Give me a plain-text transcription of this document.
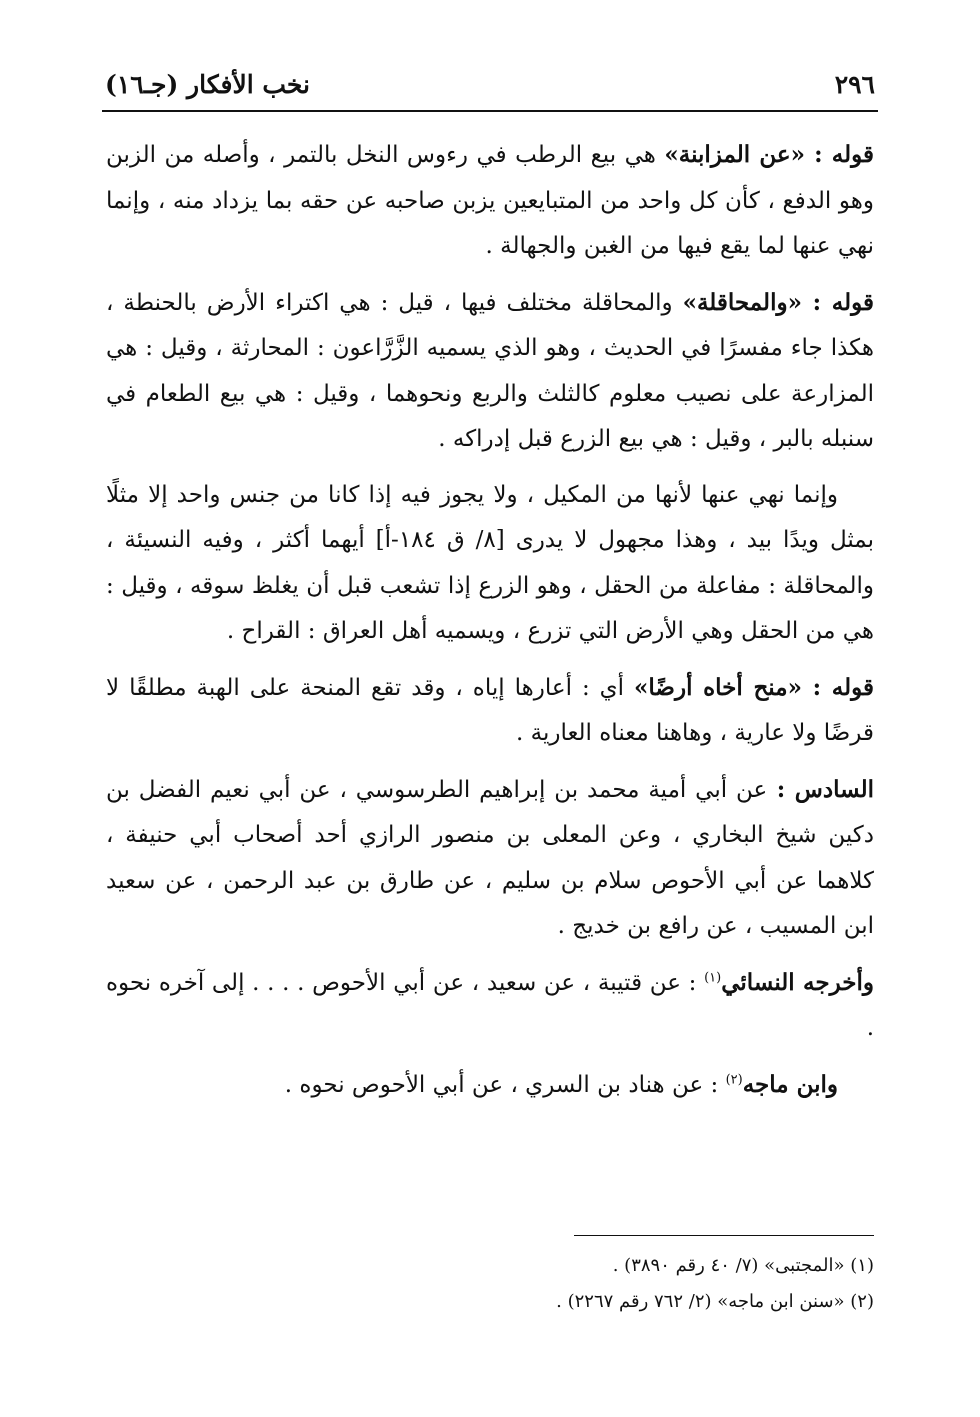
٢٩٦
نخب الأفكار (جـ١٦)

قوله : «عن المزابنة» هي بيع الرطب في رءوس النخل بالتمر ، وأصله من الزبن وهو الدفع ، كأن كل واحد من المتبايعين يزبن صاحبه عن حقه بما يزداد منه ، وإنما نهي عنها لما يقع فيها من الغبن والجهالة .

قوله : «والمحاقلة» والمحاقلة مختلف فيها ، قيل : هي اكتراء الأرض بالحنطة ، هكذا جاء مفسرًا في الحديث ، وهو الذي يسميه الزَّرَّاعون : المحارثة ، وقيل : هي المزارعة على نصيب معلوم كالثلث والربع ونحوهما ، وقيل : هي بيع الطعام في سنبله بالبر ، وقيل : هي بيع الزرع قبل إدراكه .

وإنما نهي عنها لأنها من المكيل ، ولا يجوز فيه إذا كانا من جنس واحد إلا مثلًا بمثل ويدًا بيد ، وهذا مجهول لا يدرى [٨/ ق ١٨٤-أ] أيهما أكثر ، وفيه النسيئة ، والمحاقلة : مفاعلة من الحقل ، وهو الزرع إذا تشعب قبل أن يغلظ سوقه ، وقيل : هي من الحقل وهي الأرض التي تزرع ، ويسميه أهل العراق : القراح .

قوله : «منح أخاه أرضًا» أي : أعارها إياه ، وقد تقع المنحة على الهبة مطلقًا لا قرضًا ولا عارية ، وهاهنا معناه العارية .

السادس : عن أبي أمية محمد بن إبراهيم الطرسوسي ، عن أبي نعيم الفضل بن دكين شيخ البخاري ، وعن المعلى بن منصور الرازي أحد أصحاب أبي حنيفة ، كلاهما عن أبي الأحوص سلام بن سليم ، عن طارق بن عبد الرحمن ، عن سعيد ابن المسيب ، عن رافع بن خديج .

وأخرجه النسائي$^{(١)}$ : عن قتيبة ، عن سعيد ، عن أبي الأحوص . . . . إلى آخره نحوه .

وابن ماجه$^{(٢)}$ : عن هناد بن السري ، عن أبي الأحوص نحوه .

(١) «المجتبى» (٧/ ٤٠ رقم ٣٨٩٠) .

(٢) «سنن ابن ماجه» (٢/ ٧٦٢ رقم ٢٢٦٧) .
